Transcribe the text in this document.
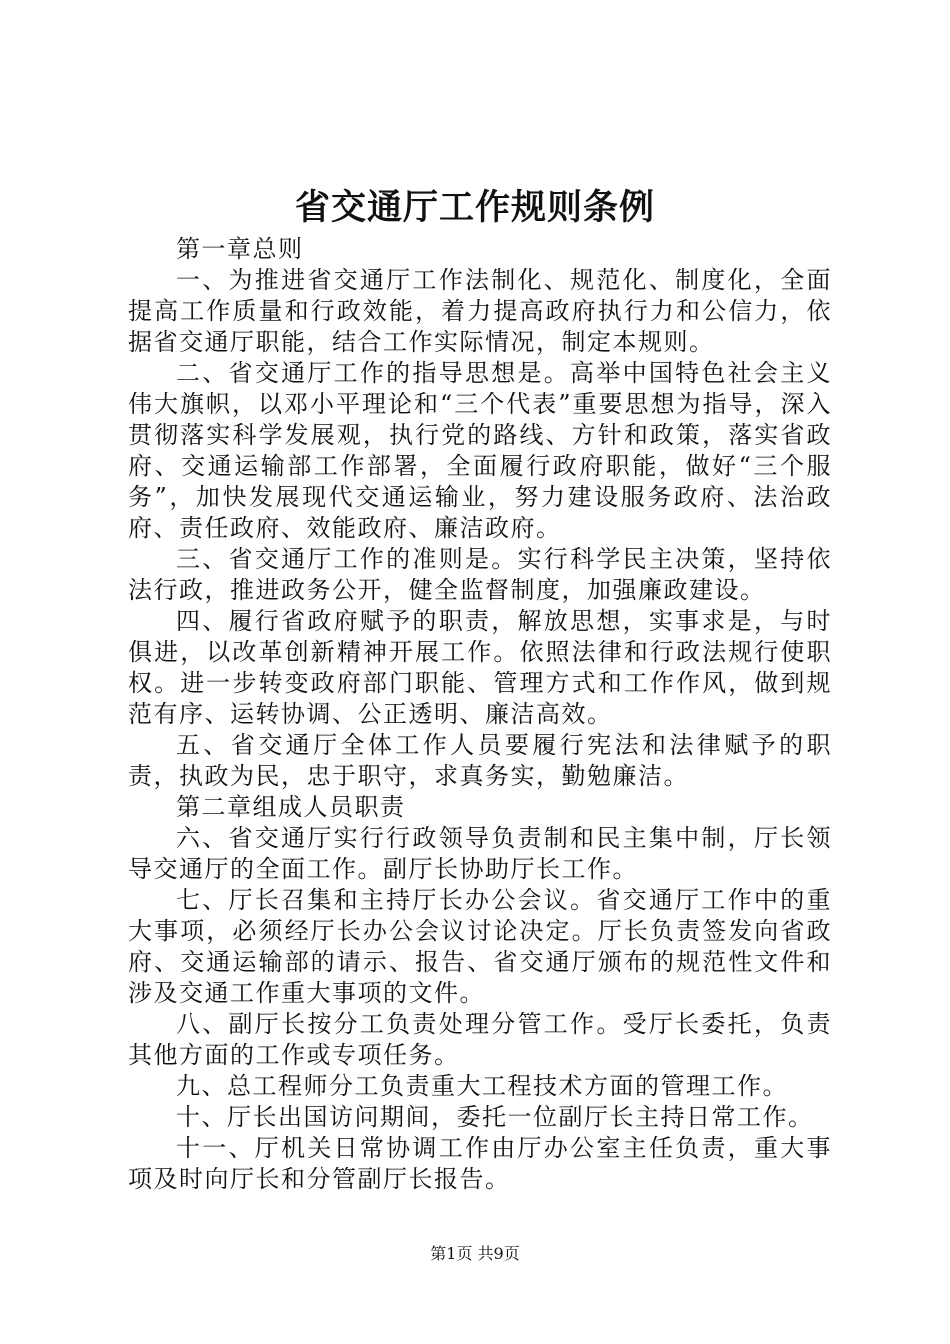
省交通厅工作规则条例

第一章总则

一、为推进省交通厅工作法制化、规范化、制度化，全面提高工作质量和行政效能，着力提高政府执行力和公信力，依据省交通厅职能，结合工作实际情况，制定本规则。

二、省交通厅工作的指导思想是。高举中国特色社会主义伟大旗帜，以邓小平理论和“三个代表”重要思想为指导，深入贯彻落实科学发展观，执行党的路线、方针和政策，落实省政府、交通运输部工作部署，全面履行政府职能，做好“三个服务”，加快发展现代交通运输业，努力建设服务政府、法治政府、责任政府、效能政府、廉洁政府。

三、省交通厅工作的准则是。实行科学民主决策，坚持依法行政，推进政务公开，健全监督制度，加强廉政建设。

四、履行省政府赋予的职责，解放思想，实事求是，与时俱进，以改革创新精神开展工作。依照法律和行政法规行使职权。进一步转变政府部门职能、管理方式和工作作风，做到规范有序、运转协调、公正透明、廉洁高效。

五、省交通厅全体工作人员要履行宪法和法律赋予的职责，执政为民，忠于职守，求真务实，勤勉廉洁。

第二章组成人员职责

六、省交通厅实行行政领导负责制和民主集中制，厅长领导交通厅的全面工作。副厅长协助厅长工作。

七、厅长召集和主持厅长办公会议。省交通厅工作中的重大事项，必须经厅长办公会议讨论决定。厅长负责签发向省政府、交通运输部的请示、报告、省交通厅颁布的规范性文件和涉及交通工作重大事项的文件。

八、副厅长按分工负责处理分管工作。受厅长委托，负责其他方面的工作或专项任务。

九、总工程师分工负责重大工程技术方面的管理工作。

十、厅长出国访问期间，委托一位副厅长主持日常工作。

十一、厅机关日常协调工作由厅办公室主任负责，重大事项及时向厅长和分管副厅长报告。

第1页 共9页
